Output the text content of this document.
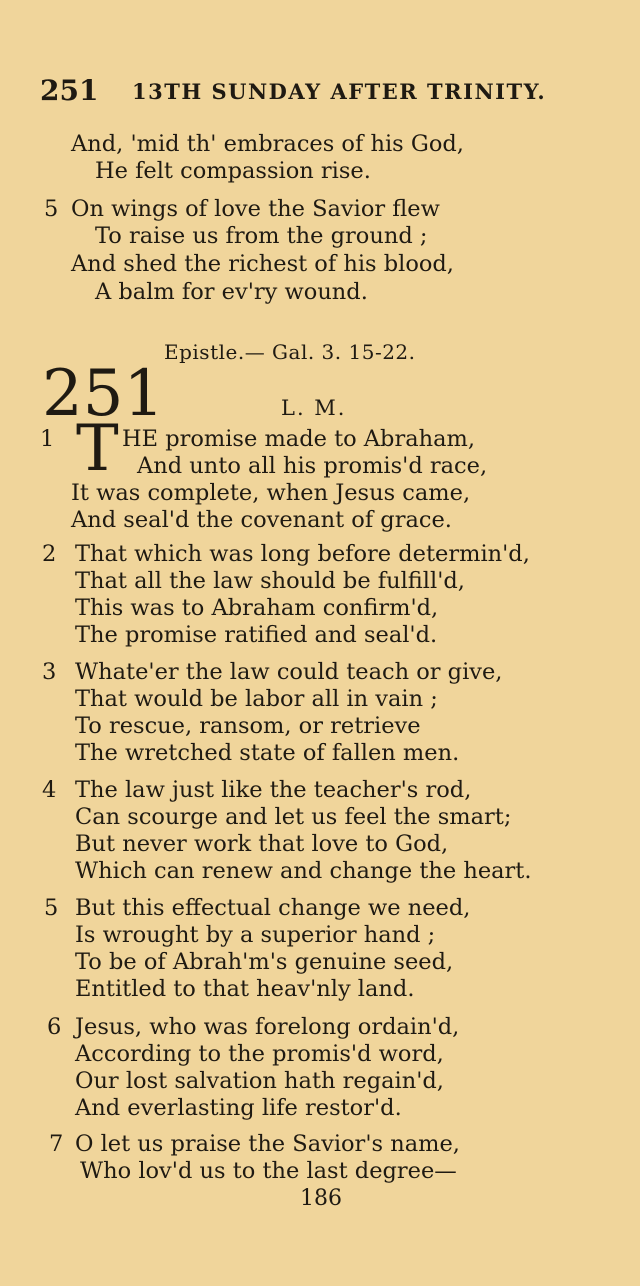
251 13TH SUNDAY AFTER TRINITY.
And, 'mid th' embraces of his God,
He felt compassion rise.
5 On wings of love the Savior flew
To raise us from the ground ;
And shed the richest of his blood,
A balm for ev'ry wound.
Epistle.— Gal. 3. 15-22.
251	L. M.
1 T HE promise made to Abraham,
And unto all his promis'd race,
It was complete, when Jesus came,
And seal'd the covenant of grace.
2 That which was long before determin'd,
That all the law should be fulfill'd,
This was to Abraham confirm'd,
The promise ratified and seal'd.
3 Whate'er the law could teach or give,
That would be labor all in vain ;
To rescue, ransom, or retrieve
The wretched state of fallen men.
4 The law just like the teacher's rod,
Can scourge and let us feel the smart;
But never work that love to God,
Which can renew and change the heart.
5 But this effectual change we need,
Is wrought by a superior hand ;
To be of Abrah'm's genuine seed,
Entitled to that heav'nly land.
6 Jesus, who was forelong ordain'd,
According to the promis'd word,
Our lost salvation hath regain'd,
And everlasting life restor'd.
7 O let us praise the Savior's name,
Who lov'd us to the last degree—
186
